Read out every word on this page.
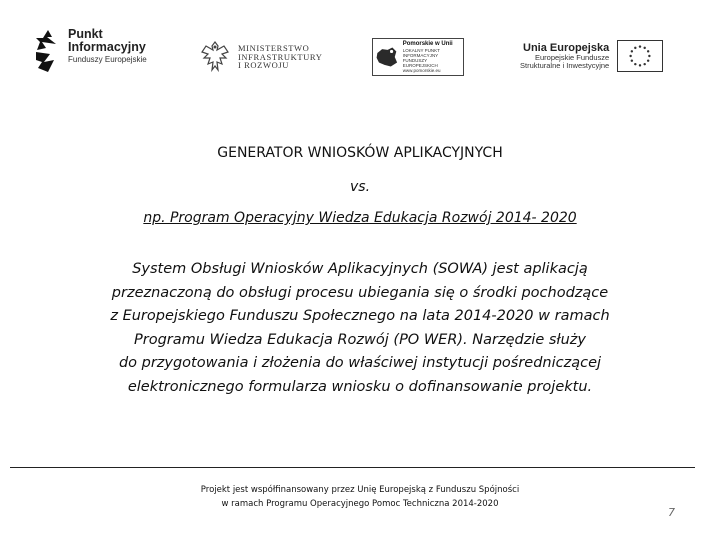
Punkt
Informacyjny
Funduszy Europejskie
MINISTERSTWO
INFRASTRUKTURY
I ROZWOJU
Pomorskie w Unii
LOKALNY PUNKT INFORMACYJNY
FUNDUSZY EUROPEJSKICH
www.pomorskie.eu
Unia Europejska
Europejskie Fundusze
Strukturalne i Inwestycyjne
GENERATOR WNIOSKÓW APLIKACYJNYCH
vs.
np. Program Operacyjny Wiedza Edukacja Rozwój 2014- 2020
System Obsługi Wniosków Aplikacyjnych (SOWA) jest aplikacją
przeznaczoną do obsługi procesu ubiegania się o środki pochodzące
z Europejskiego Funduszu Społecznego na lata 2014-2020 w ramach
Programu Wiedza Edukacja Rozwój (PO WER). Narzędzie służy
do przygotowania i złożenia do właściwej instytucji pośredniczącej
elektronicznego formularza wniosku o dofinansowanie projektu.
Projekt jest współfinansowany przez Unię Europejską z Funduszu Spójności
w ramach Programu Operacyjnego Pomoc Techniczna 2014-2020
7
